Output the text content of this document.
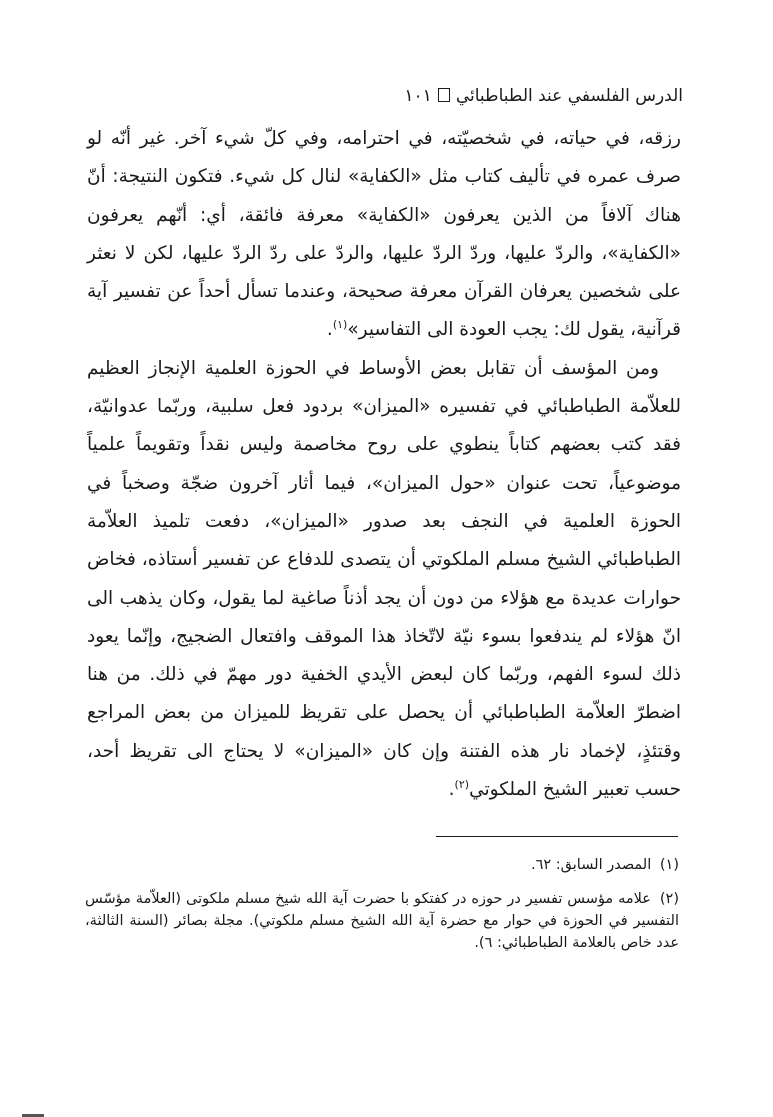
الدرس الفلسفي عند الطباطبائي١٠١

رزقه، في حياته، في شخصيّته، في احترامه، وفي كلّ شيء آخر. غير أنّه لو صرف عمره في تأليف كتاب مثل «الكفاية» لنال كل شيء. فتكون النتيجة: أنّ هناك آلافاً من الذين يعرفون «الكفاية» معرفة فائقة، أي: أنّهم يعرفون «الكفاية»، والردّ عليها، وردّ الردّ عليها، والردّ على ردّ الردّ عليها، لكن لا نعثر على شخصين يعرفان القرآن معرفة صحيحة، وعندما تسأل أحداً عن تفسير آية قرآنية، يقول لك: يجب العودة الى التفاسير»$^{(١)}$.

ومن المؤسف أن تقابل بعض الأوساط في الحوزة العلمية الإنجاز العظيم للعلاّمة الطباطبائي في تفسيره «الميزان» بردود فعل سلبية، وربّما عدوانيّة، فقد كتب بعضهم كتاباً ينطوي على روح مخاصمة وليس نقداً وتقويماً علمياً موضوعياً، تحت عنوان «حول الميزان»، فيما أثار آخرون ضجّة وصخباً في الحوزة العلمية في النجف بعد صدور «الميزان»، دفعت تلميذ العلاّمة الطباطبائي الشيخ مسلم الملكوتي أن يتصدى للدفاع عن تفسير أستاذه، فخاض حوارات عديدة مع هؤلاء من دون أن يجد أذناً صاغية لما يقول، وكان يذهب الى انّ هؤلاء لم يندفعوا بسوء نيّة لاتّخاذ هذا الموقف وافتعال الضجيج، وإنّما يعود ذلك لسوء الفهم، وربّما كان لبعض الأيدي الخفية دور مهمّ في ذلك. من هنا اضطرّ العلاّمة الطباطبائي أن يحصل على تقريظ للميزان من بعض المراجع وقتئذٍ، لإخماد نار هذه الفتنة وإن كان «الميزان» لا يحتاج الى تقريظ أحد، حسب تعبير الشيخ الملكوتي$^{(٢)}$.

(١) المصدر السابق: ٦٢.
(٢) علامه مؤسس تفسير در حوزه در كفتكو با حضرت آية الله شيخ مسلم ملكوتى (العلاّمة مؤسّس التفسير في الحوزة في حوار مع حضرة آية الله الشيخ مسلم ملكوتي). مجلة بصائر (السنة الثالثة، عدد خاص بالعلامة الطباطبائي: ٦).
